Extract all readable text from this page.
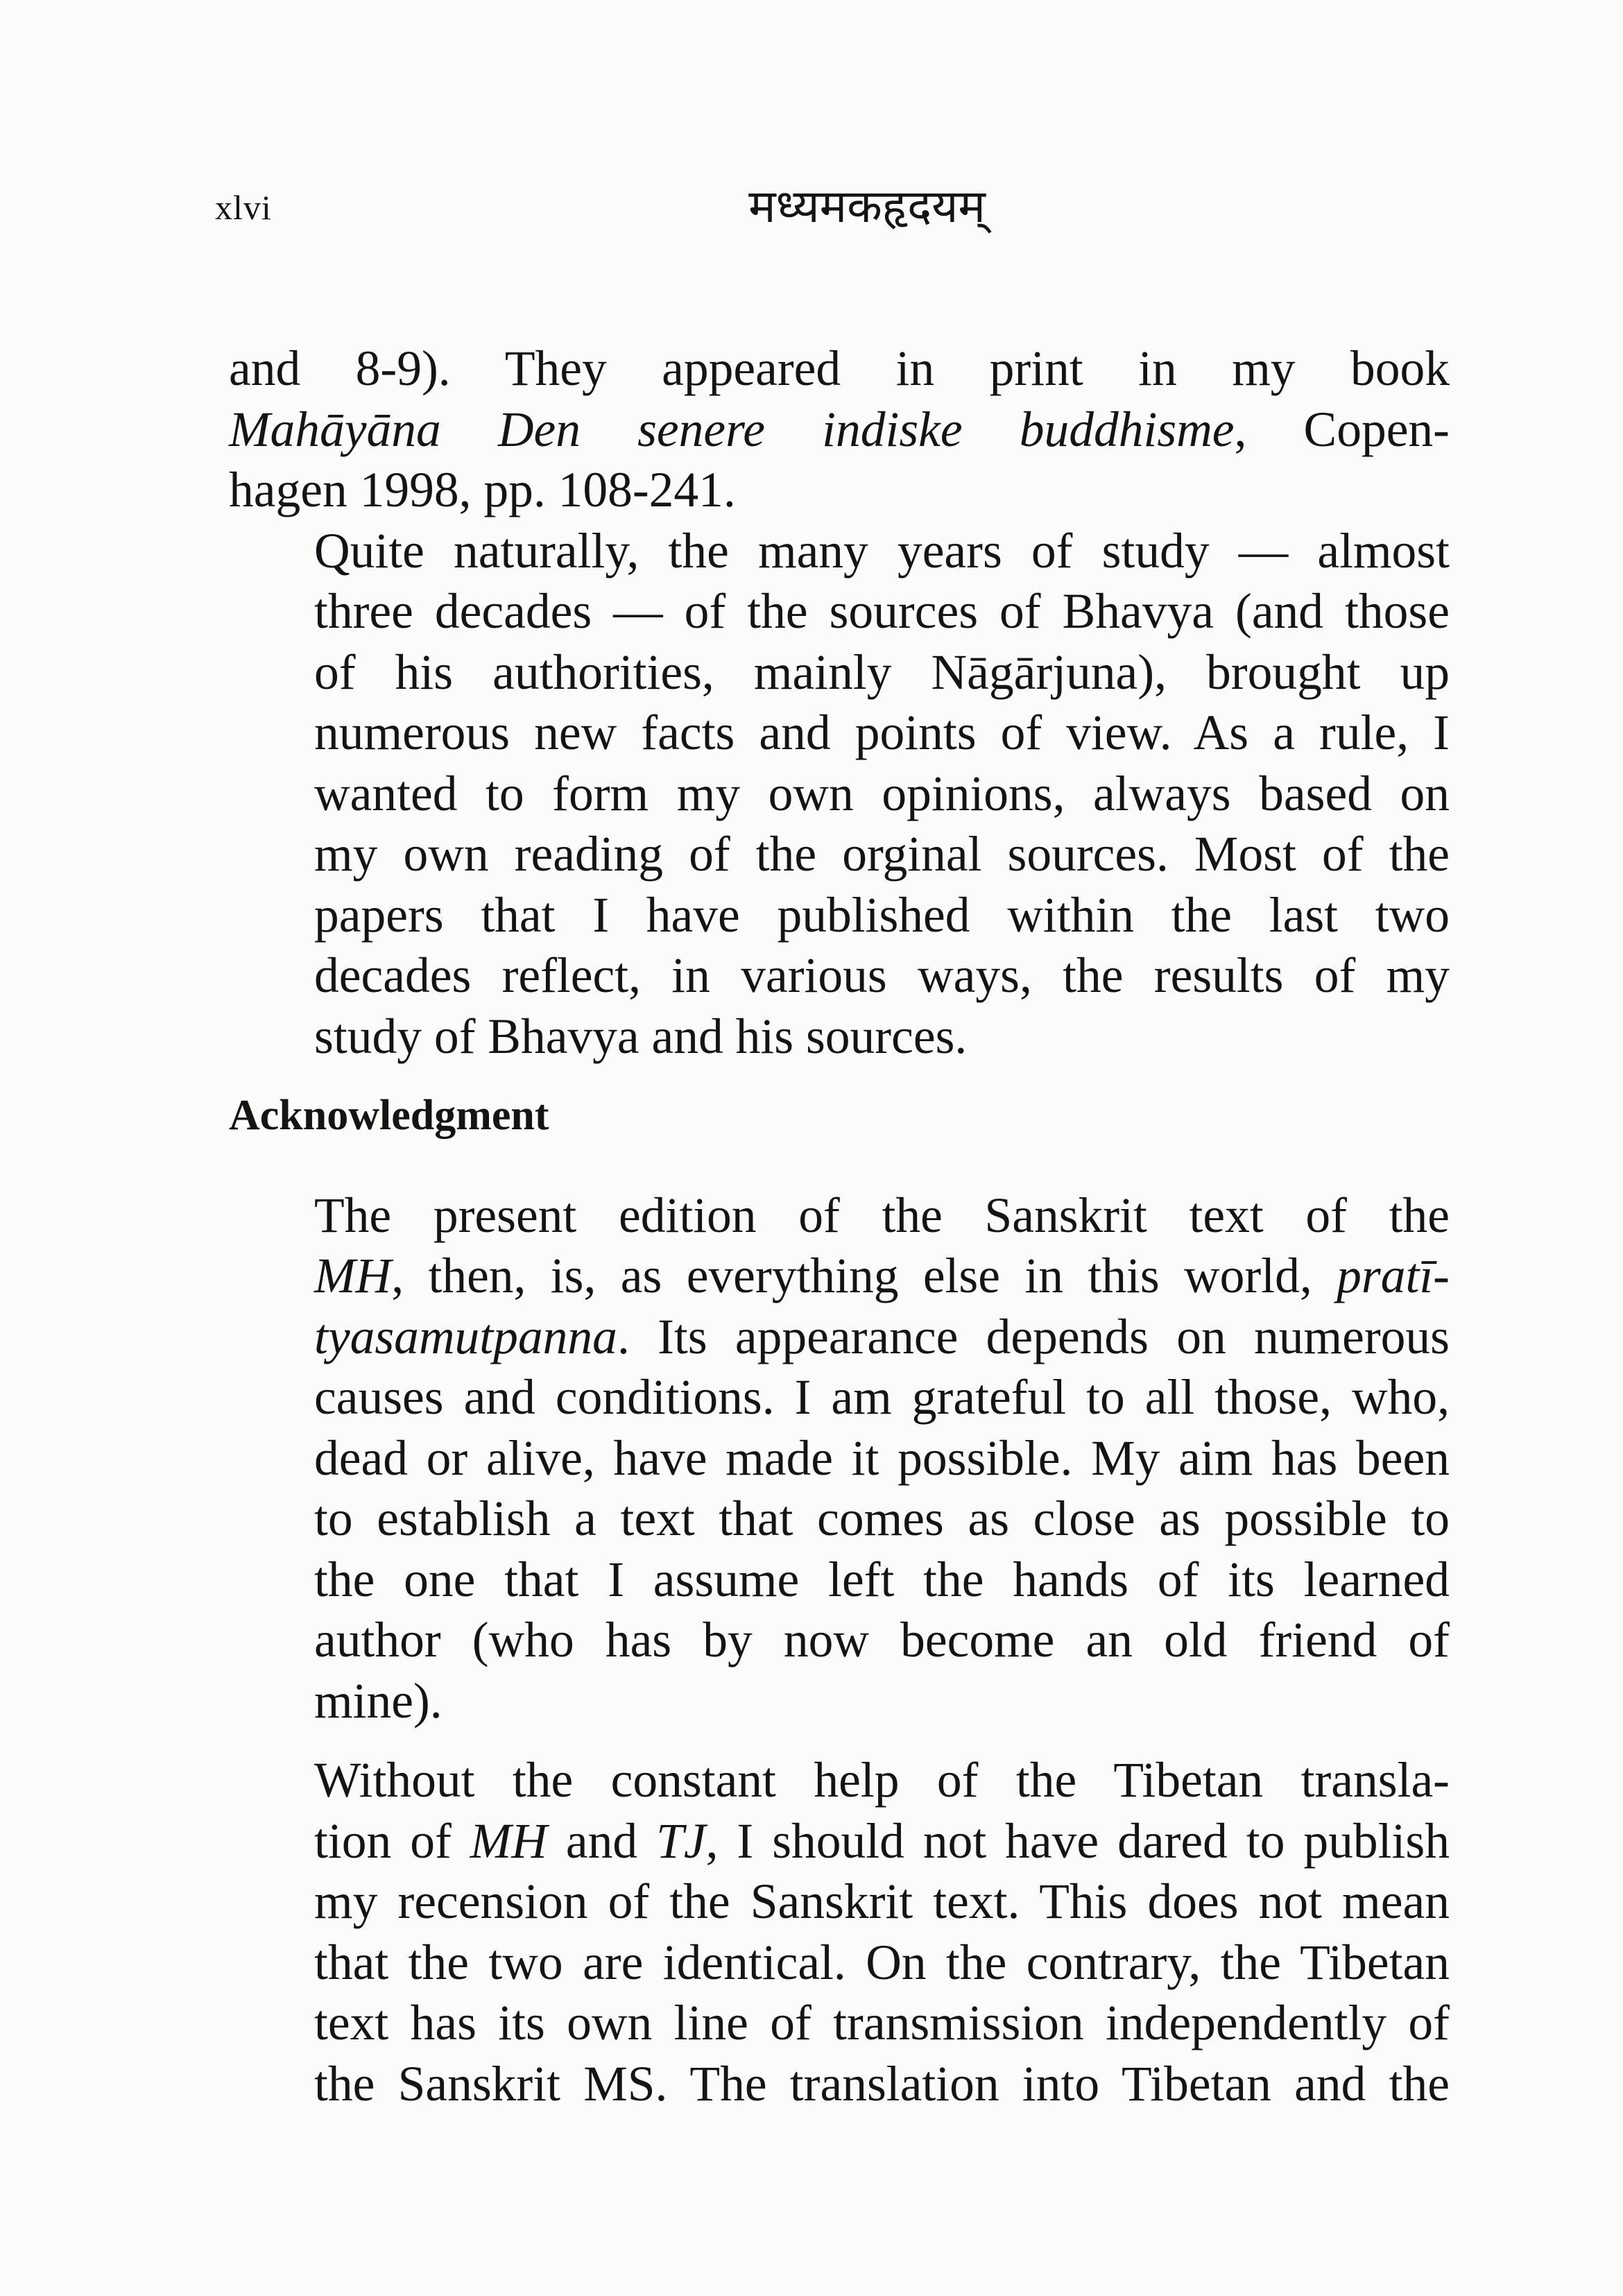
xlvi	मध्यमकहृदयम्
and 8-9). They appeared in print in my book
Mahāyāna Den senere indiske buddhisme, Copen-
hagen 1998, pp. 108-241.
Quite naturally, the many years of study — almost
three decades — of the sources of Bhavya (and those
of his authorities, mainly Nāgārjuna), brought up
numerous new facts and points of view. As a rule, I
wanted to form my own opinions, always based on
my own reading of the orginal sources. Most of the
papers that I have published within the last two
decades reflect, in various ways, the results of my
study of Bhavya and his sources.
Acknowledgment
The present edition of the Sanskrit text of the
MH, then, is, as everything else in this world, pratī-
tyasamutpanna. Its appearance depends on numerous
causes and conditions. I am grateful to all those, who,
dead or alive, have made it possible. My aim has been
to establish a text that comes as close as possible to
the one that I assume left the hands of its learned
author (who has by now become an old friend of
mine).
Without the constant help of the Tibetan transla-
tion of MH and TJ, I should not have dared to publish
my recension of the Sanskrit text. This does not mean
that the two are identical. On the contrary, the Tibetan
text has its own line of transmission independently of
the Sanskrit MS. The translation into Tibetan and the
